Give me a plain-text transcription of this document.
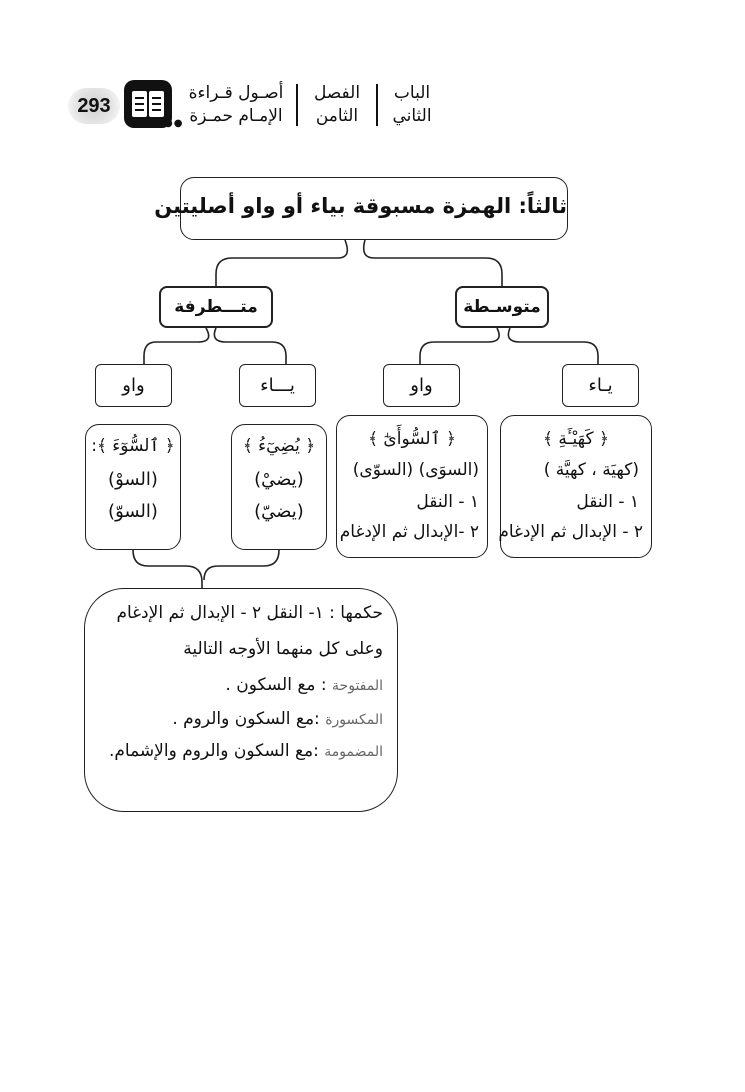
293
●●
أصـول قـراءة
الإمـام حمـزة
الفصل
الثامن
الباب
الثاني
ثالثاً: الهمزة مسبوقة بياء أو واو أصليتين
متـــطرفة	متوسـطة
واو	يـــاء	واو	يـاء
﴿ ٱلسُّوٓءَ ﴾:
(السوْ)
(السوّ)
﴿ يُضِيٓءُ ﴾
(يضيْ)
(يضيّ)
﴿ ٱلسُّوأَىٰٓ ﴾
(السوَى) (السوّى)
١ - النقل
٢ -الإبدال ثم الإدغام
﴿ كَهَيْـَٔةِ ﴾
(كهيَة ، كهيَّة )
١ - النقل
٢ - الإبدال ثم الإدغام
حكمها : ١- النقل ٢ - الإبدال ثم الإدغام
وعلى كل منهما الأوجه التالية
المفتوحة : مع السكون .
المكسورة :مع السكون والروم .
المضمومة :مع السكون والروم والإشمام.
